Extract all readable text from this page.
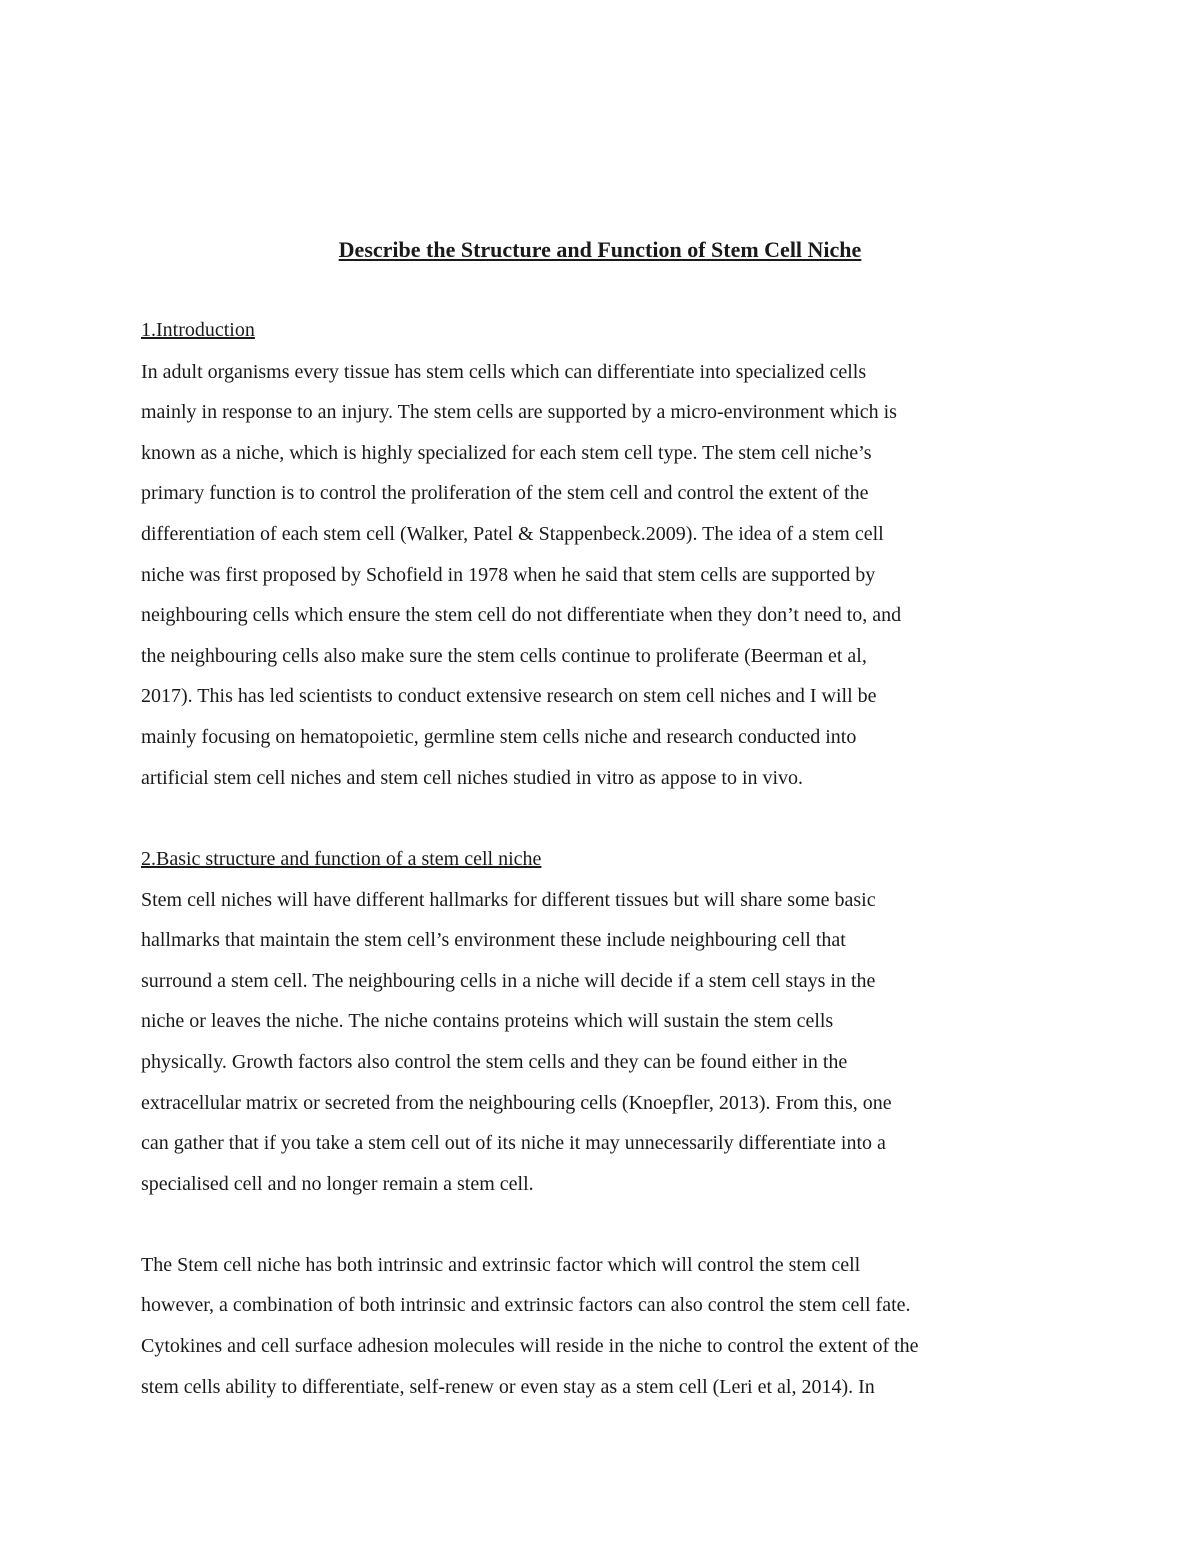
Describe the Structure and Function of Stem Cell Niche
1.Introduction
In adult organisms every tissue has stem cells which can differentiate into specialized cells
mainly in response to an injury. The stem cells are supported by a micro-environment which is
known as a niche, which is highly specialized for each stem cell type. The stem cell niche’s
primary function is to control the proliferation of the stem cell and control the extent of the
differentiation of each stem cell (Walker, Patel & Stappenbeck.2009). The idea of a stem cell
niche was first proposed by Schofield in 1978 when he said that stem cells are supported by
neighbouring cells which ensure the stem cell do not differentiate when they don’t need to, and
the neighbouring cells also make sure the stem cells continue to proliferate (Beerman et al,
2017). This has led scientists to conduct extensive research on stem cell niches and I will be
mainly focusing on hematopoietic, germline stem cells niche and research conducted into
artificial stem cell niches and stem cell niches studied in vitro as appose to in vivo.
2.Basic structure and function of a stem cell niche
Stem cell niches will have different hallmarks for different tissues but will share some basic
hallmarks that maintain the stem cell’s environment these include neighbouring cell that
surround a stem cell. The neighbouring cells in a niche will decide if a stem cell stays in the
niche or leaves the niche. The niche contains proteins which will sustain the stem cells
physically. Growth factors also control the stem cells and they can be found either in the
extracellular matrix or secreted from the neighbouring cells (Knoepfler, 2013). From this, one
can gather that if you take a stem cell out of its niche it may unnecessarily differentiate into a
specialised cell and no longer remain a stem cell.
The Stem cell niche has both intrinsic and extrinsic factor which will control the stem cell
however, a combination of both intrinsic and extrinsic factors can also control the stem cell fate.
Cytokines and cell surface adhesion molecules will reside in the niche to control the extent of the
stem cells ability to differentiate, self-renew or even stay as a stem cell (Leri et al, 2014). In
